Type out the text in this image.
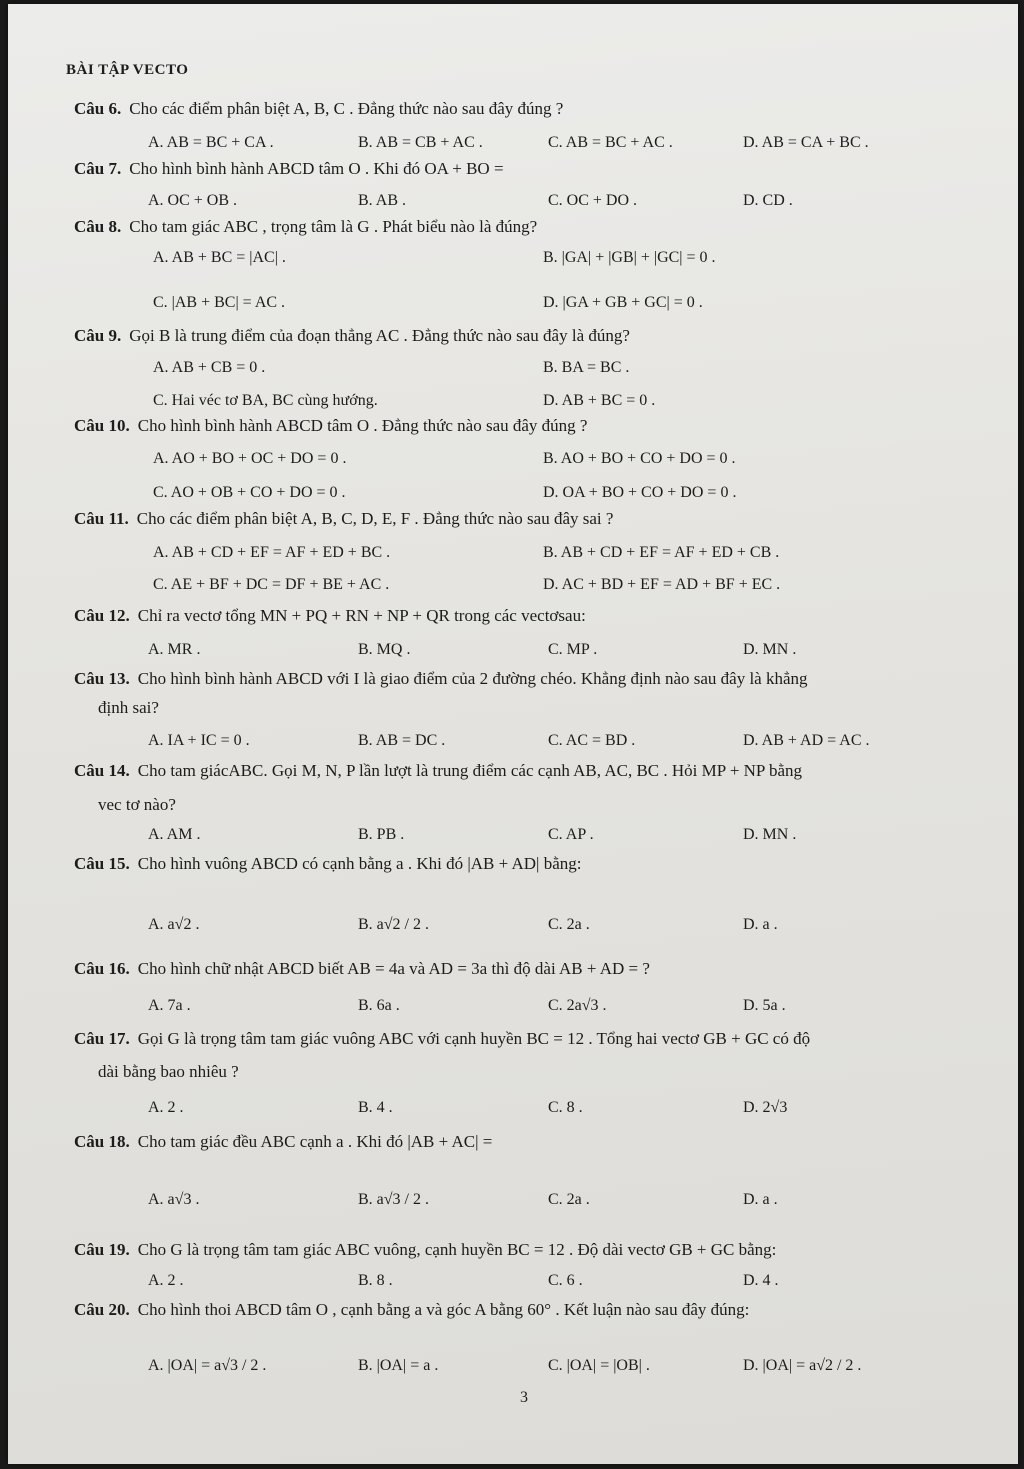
BÀI TẬP VECTO
Câu 6. Cho các điểm phân biệt A, B, C . Đẳng thức nào sau đây đúng ?
A. AB = BC + CA .	B. AB = CB + AC .	C. AB = BC + AC .	D. AB = CA + BC .
Câu 7. Cho hình bình hành ABCD tâm O . Khi đó OA + BO =
A. OC + OB .	B. AB .	C. OC + DO .	D. CD .
Câu 8. Cho tam giác ABC , trọng tâm là G . Phát biểu nào là đúng?
A. AB + BC = |AC| .	B. |GA| + |GB| + |GC| = 0 .
C. |AB + BC| = AC .	D. |GA + GB + GC| = 0 .
Câu 9. Gọi B là trung điểm của đoạn thẳng AC . Đẳng thức nào sau đây là đúng?
A. AB + CB = 0 .	B. BA = BC .
C. Hai véc tơ BA, BC cùng hướng.	D. AB + BC = 0 .
Câu 10. Cho hình bình hành ABCD tâm O . Đẳng thức nào sau đây đúng ?
A. AO + BO + OC + DO = 0 .	B. AO + BO + CO + DO = 0 .
C. AO + OB + CO + DO = 0 .	D. OA + BO + CO + DO = 0 .
Câu 11. Cho các điểm phân biệt A, B, C, D, E, F . Đẳng thức nào sau đây sai ?
A. AB + CD + EF = AF + ED + BC .	B. AB + CD + EF = AF + ED + CB .
C. AE + BF + DC = DF + BE + AC .	D. AC + BD + EF = AD + BF + EC .
Câu 12. Chỉ ra vectơ tổng MN + PQ + RN + NP + QR trong các vectơsau:
A. MR .	B. MQ .	C. MP .	D. MN .
Câu 13. Cho hình bình hành ABCD với I là giao điểm của 2 đường chéo. Khẳng định nào sau đây là khẳng
định sai?
A. IA + IC = 0 .	B. AB = DC .	C. AC = BD .	D. AB + AD = AC .
Câu 14. Cho tam giácABC. Gọi M, N, P lần lượt là trung điểm các cạnh AB, AC, BC . Hỏi MP + NP bằng
vec tơ nào?
A. AM .	B. PB .	C. AP .	D. MN .
Câu 15. Cho hình vuông ABCD có cạnh bằng a . Khi đó |AB + AD| bằng:
A. a√2 .	B. a√2 / 2 .	C. 2a .	D. a .
Câu 16. Cho hình chữ nhật ABCD biết AB = 4a và AD = 3a thì độ dài AB + AD = ?
A. 7a .	B. 6a .	C. 2a√3 .	D. 5a .
Câu 17. Gọi G là trọng tâm tam giác vuông ABC với cạnh huyền BC = 12 . Tổng hai vectơ GB + GC có độ
dài bằng bao nhiêu ?
A. 2 .	B. 4 .	C. 8 .	D. 2√3
Câu 18. Cho tam giác đều ABC cạnh a . Khi đó |AB + AC| =
A. a√3 .	B. a√3 / 2 .	C. 2a .	D. a .
Câu 19. Cho G là trọng tâm tam giác ABC vuông, cạnh huyền BC = 12 . Độ dài vectơ GB + GC bằng:
A. 2 .	B. 8 .	C. 6 .	D. 4 .
Câu 20. Cho hình thoi ABCD tâm O , cạnh bằng a và góc A bằng 60° . Kết luận nào sau đây đúng:
A. |OA| = a√3 / 2 .	B. |OA| = a .	C. |OA| = |OB| .	D. |OA| = a√2 / 2 .
3
